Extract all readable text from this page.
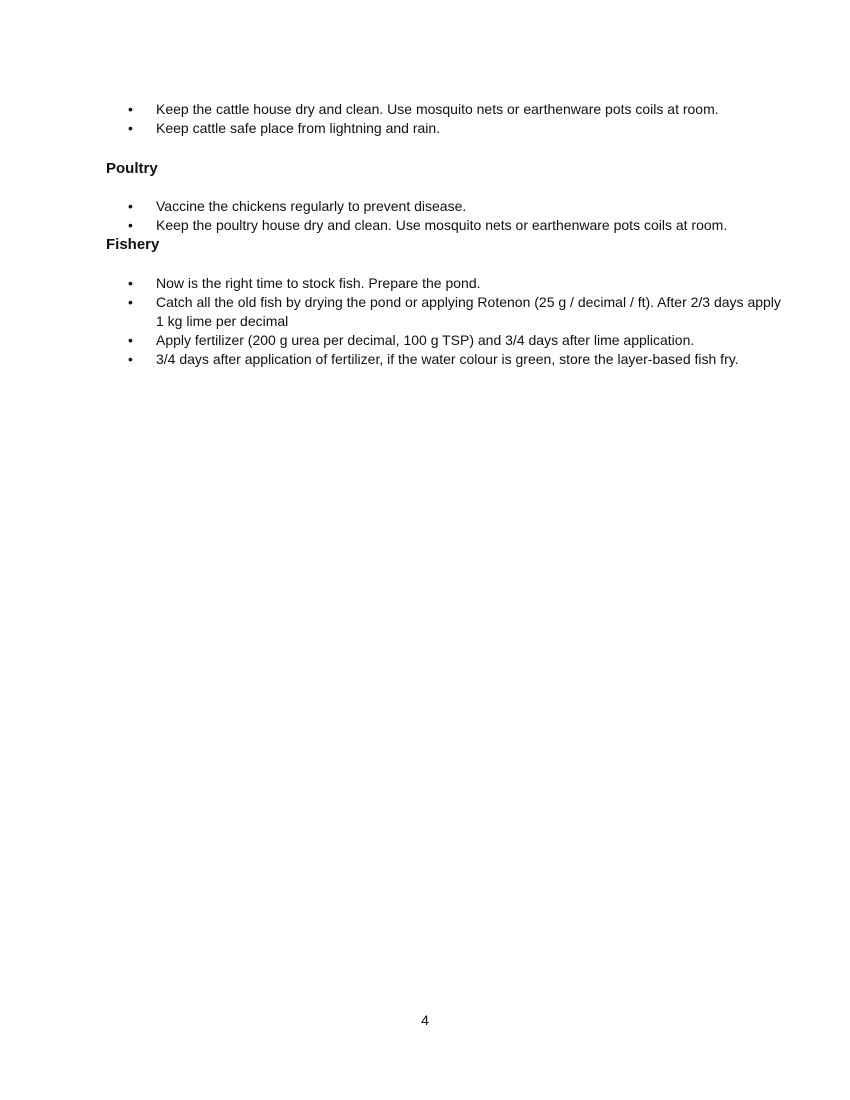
• Keep the cattle house dry and clean. Use mosquito nets or earthenware pots coils at room.
• Keep cattle safe place from lightning and rain.
Poultry
• Vaccine the chickens regularly to prevent disease.
• Keep the poultry house dry and clean. Use mosquito nets or earthenware pots coils at room.
Fishery
• Now is the right time to stock fish. Prepare the pond.
• Catch all the old fish by drying the pond or applying Rotenon (25 g / decimal / ft). After 2/3 days apply 1 kg lime per decimal
• Apply fertilizer (200 g urea per decimal, 100 g TSP) and 3/4 days after lime application.
• 3/4 days after application of fertilizer, if the water colour is green, store the layer-based fish fry.
4
